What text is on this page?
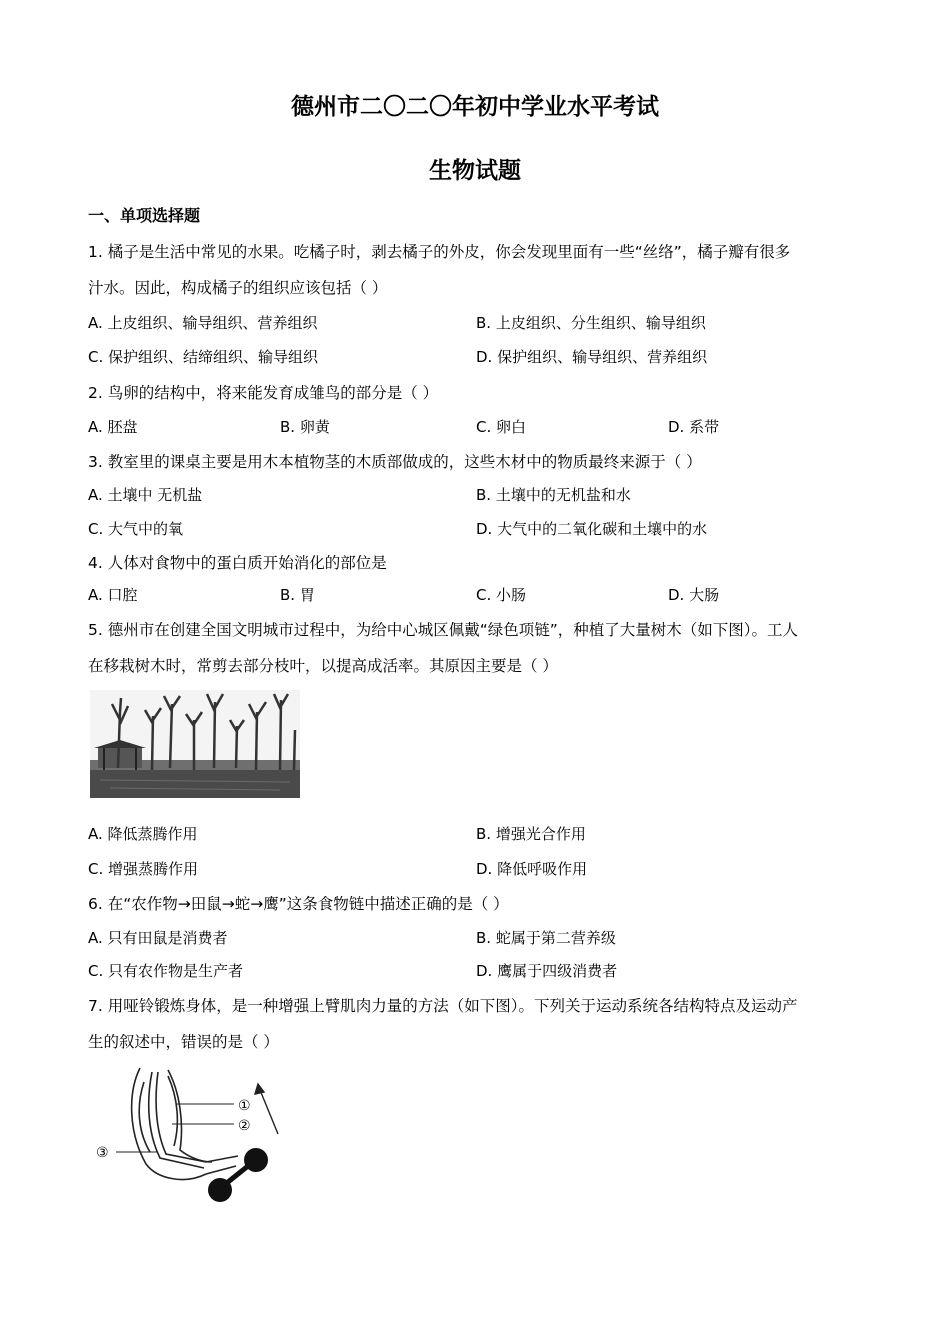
德州市二〇二〇年初中学业水平考试
生物试题
一、单项选择题
1. 橘子是生活中常见的水果。吃橘子时，剥去橘子的外皮，你会发现里面有一些“丝络”，橘子瓣有很多
汁水。因此，构成橘子的组织应该包括（ ）
A. 上皮组织、输导组织、营养组织	B. 上皮组织、分生组织、输导组织
C. 保护组织、结缔组织、输导组织	D. 保护组织、输导组织、营养组织
2. 鸟卵的结构中，将来能发育成雏鸟的部分是（ ）
A. 胚盘	B. 卵黄	C. 卵白	D. 系带
3. 教室里的课桌主要是用木本植物茎的木质部做成的，这些木材中的物质最终来源于（ ）
A. 土壤中 无机盐	B. 土壤中的无机盐和水
C. 大气中的氧	D. 大气中的二氧化碳和土壤中的水
4. 人体对食物中的蛋白质开始消化的部位是
A. 口腔	B. 胃	C. 小肠	D. 大肠
5. 德州市在创建全国文明城市过程中，为给中心城区佩戴“绿色项链”，种植了大量树木（如下图）。工人
在移栽树木时，常剪去部分枝叶，以提高成活率。其原因主要是（ ）
A. 降低蒸腾作用	B. 增强光合作用
C. 增强蒸腾作用	D. 降低呼吸作用
6. 在“农作物→田鼠→蛇→鹰”这条食物链中描述正确的是（ ）
A. 只有田鼠是消费者	B. 蛇属于第二营养级
C. 只有农作物是生产者	D. 鹰属于四级消费者
7. 用哑铃锻炼身体，是一种增强上臂肌肉力量的方法（如下图）。下列关于运动系统各结构特点及运动产
生的叙述中，错误的是（ ）
①
②
③
